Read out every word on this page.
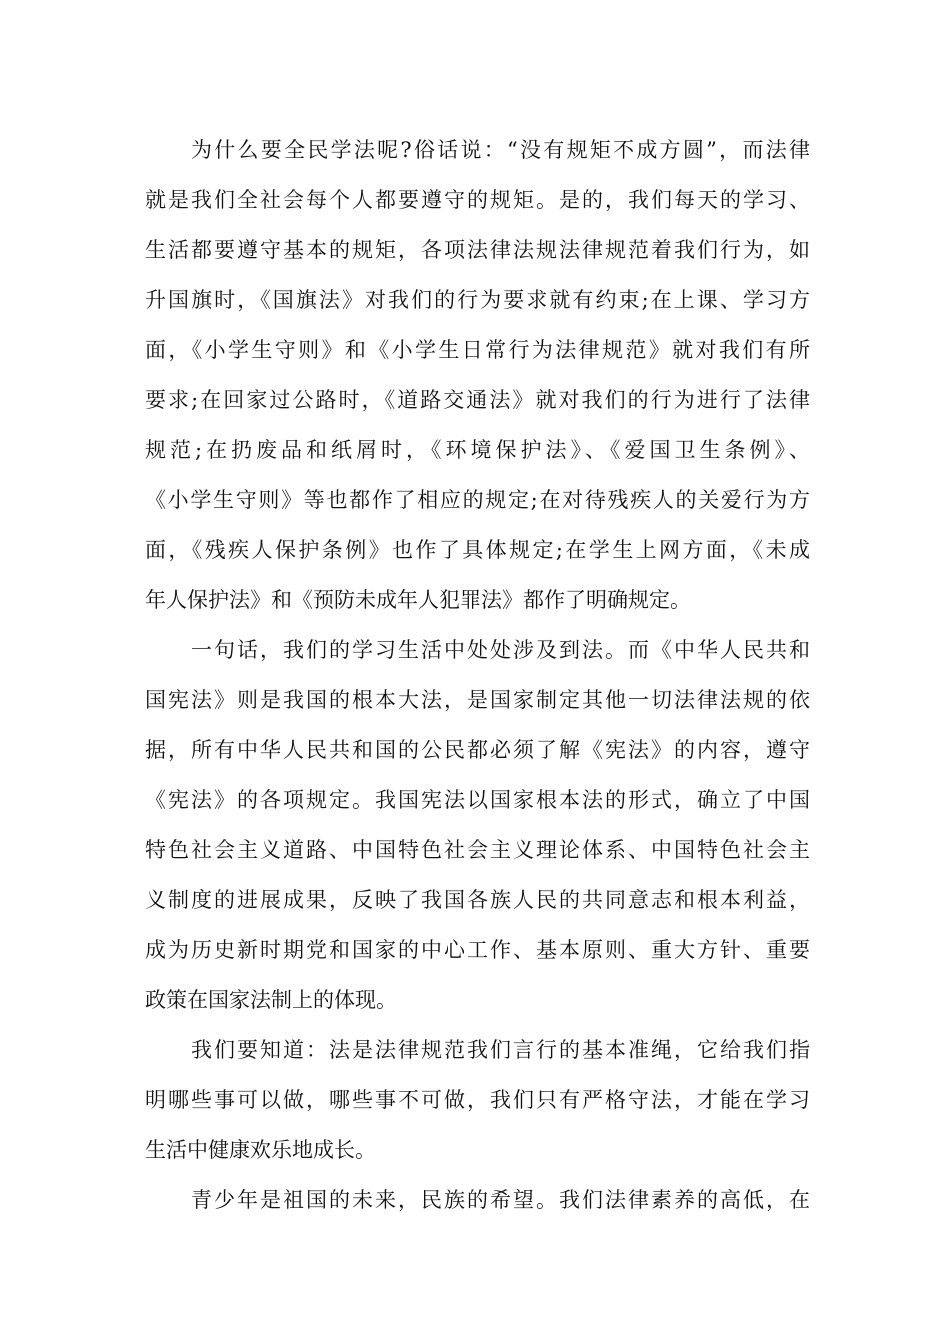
为什么要全民学法呢?俗话说：“没有规矩不成方圆”，而法律
就是我们全社会每个人都要遵守的规矩。是的，我们每天的学习、
生活都要遵守基本的规矩，各项法律法规法律规范着我们行为，如
升国旗时，《国旗法》对我们的行为要求就有约束;在上课、学习方
面，《小学生守则》和《小学生日常行为法律规范》就对我们有所
要求;在回家过公路时，《道路交通法》就对我们的行为进行了法律
规范;在扔废品和纸屑时，《环境保护法》、《爱国卫生条例》、
《小学生守则》等也都作了相应的规定;在对待残疾人的关爱行为方
面，《残疾人保护条例》也作了具体规定;在学生上网方面，《未成
年人保护法》和《预防未成年人犯罪法》都作了明确规定。
一句话，我们的学习生活中处处涉及到法。而《中华人民共和
国宪法》则是我国的根本大法，是国家制定其他一切法律法规的依
据，所有中华人民共和国的公民都必须了解《宪法》的内容，遵守
《宪法》的各项规定。我国宪法以国家根本法的形式，确立了中国
特色社会主义道路、中国特色社会主义理论体系、中国特色社会主
义制度的进展成果，反映了我国各族人民的共同意志和根本利益，
成为历史新时期党和国家的中心工作、基本原则、重大方针、重要
政策在国家法制上的体现。
我们要知道：法是法律规范我们言行的基本准绳，它给我们指
明哪些事可以做，哪些事不可做，我们只有严格守法，才能在学习
生活中健康欢乐地成长。
青少年是祖国的未来，民族的希望。我们法律素养的高低，在
